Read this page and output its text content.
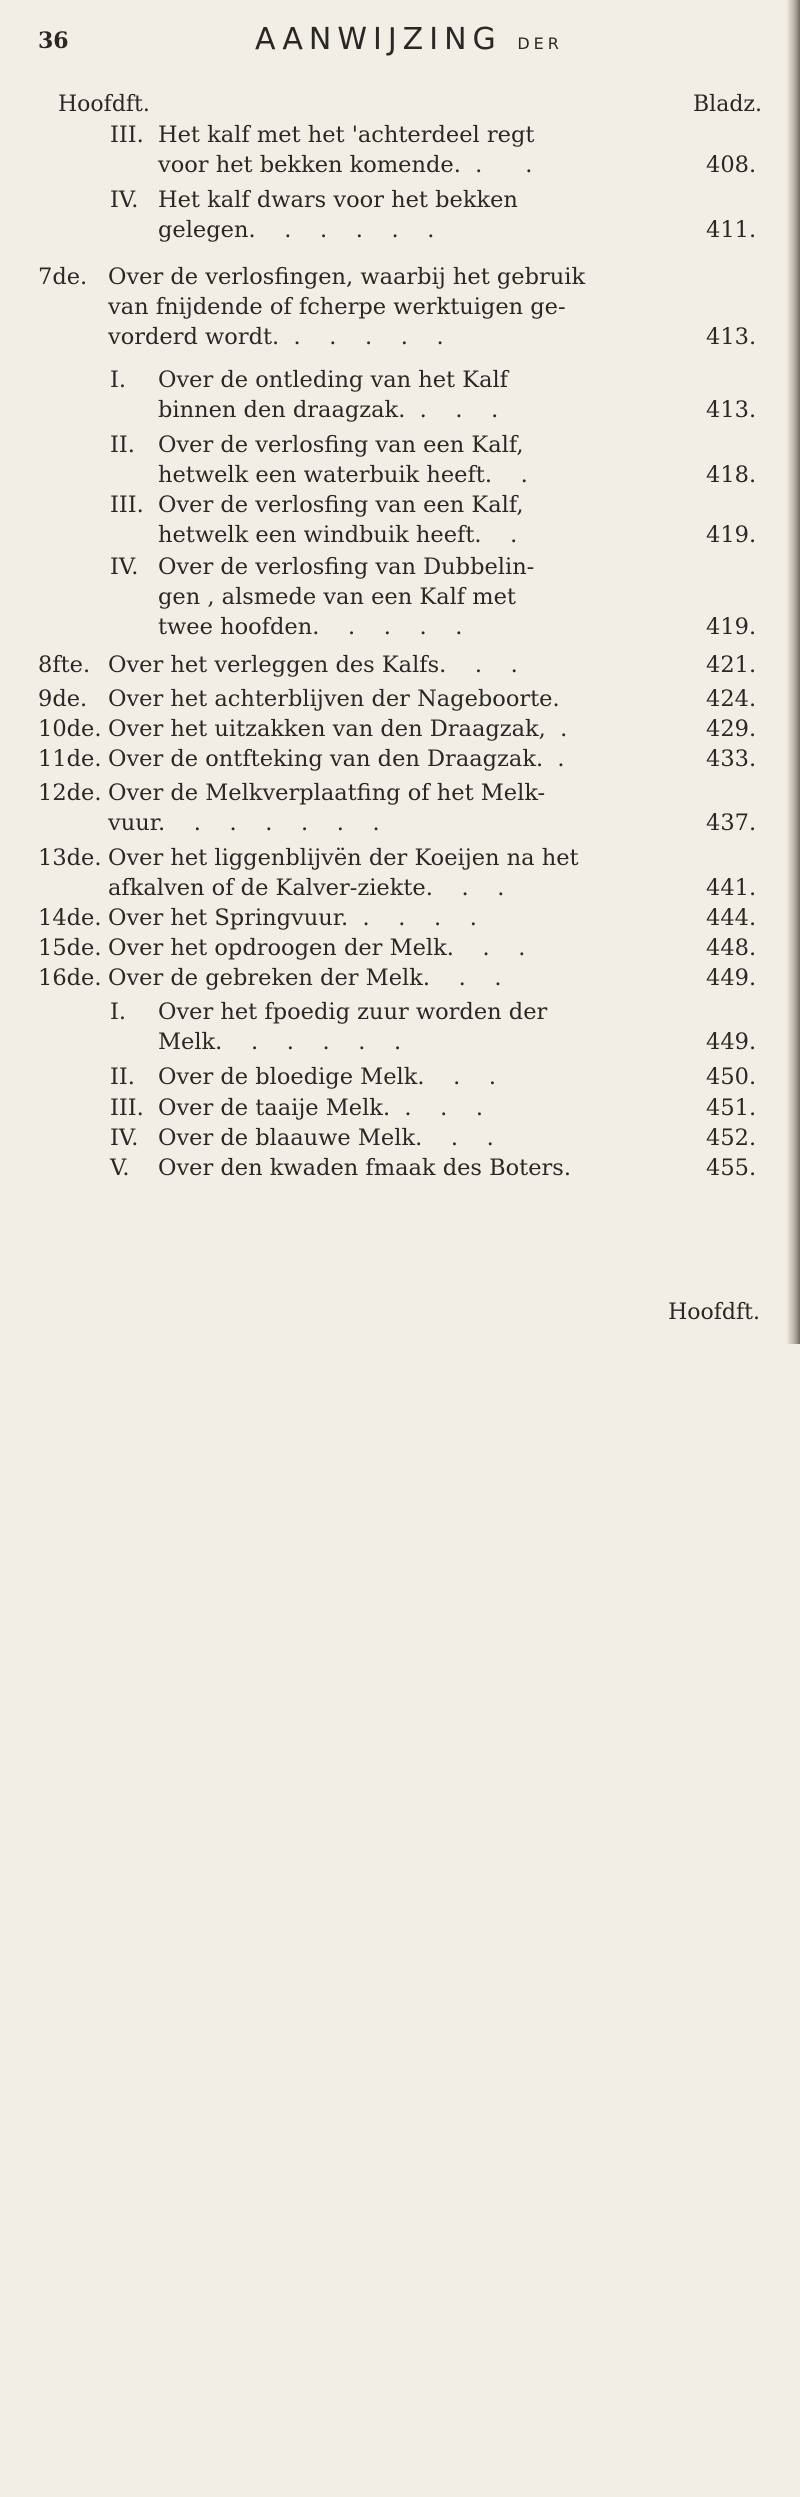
36	AANWIJZING DER
Hoofdft.	Bladz.
III. Het kalf met het 'achterdeel regt
voor het bekken komende.  .      .	408.
IV. Het kalf dwars voor het bekken
gelegen.    .    .    .    .    .	411.
7de. Over de verlosfingen, waarbij het gebruik
van fnijdende of fcherpe werktuigen ge-
vorderd wordt.  .    .    .    .    .	413.
I. Over de ontleding van het Kalf
binnen den draagzak.  .    .    .	413.
II. Over de verlosfing van een Kalf,
hetwelk een waterbuik heeft.    .	418.
III. Over de verlosfing van een Kalf,
hetwelk een windbuik heeft.    .	419.
IV. Over de verlosfing van Dubbelin-
gen , alsmede van een Kalf met
twee hoofden.    .    .    .    .	419.
8fte. Over het verleggen des Kalfs.    .    .	421.
9de. Over het achterblijven der Nageboorte.	424.
10de. Over het uitzakken van den Draagzak,  .	429.
11de. Over de ontfteking van den Draagzak.  .	433.
12de. Over de Melkverplaatfing of het Melk-
vuur.    .    .    .    .    .    .	437.
13de. Over het liggenblijvën der Koeijen na het
afkalven of de Kalver-ziekte.    .    .	441.
14de. Over het Springvuur.  .    .    .    .	444.
15de. Over het opdroogen der Melk.    .    .	448.
16de. Over de gebreken der Melk.    .    .	449.
I. Over het fpoedig zuur worden der
Melk.    .    .    .    .    .	449.
II. Over de bloedige Melk.    .    .	450.
III. Over de taaije Melk.  .    .    .	451.
IV. Over de blaauwe Melk.    .    .	452.
V. Over den kwaden fmaak des Boters.	455.
Hoofdft.
